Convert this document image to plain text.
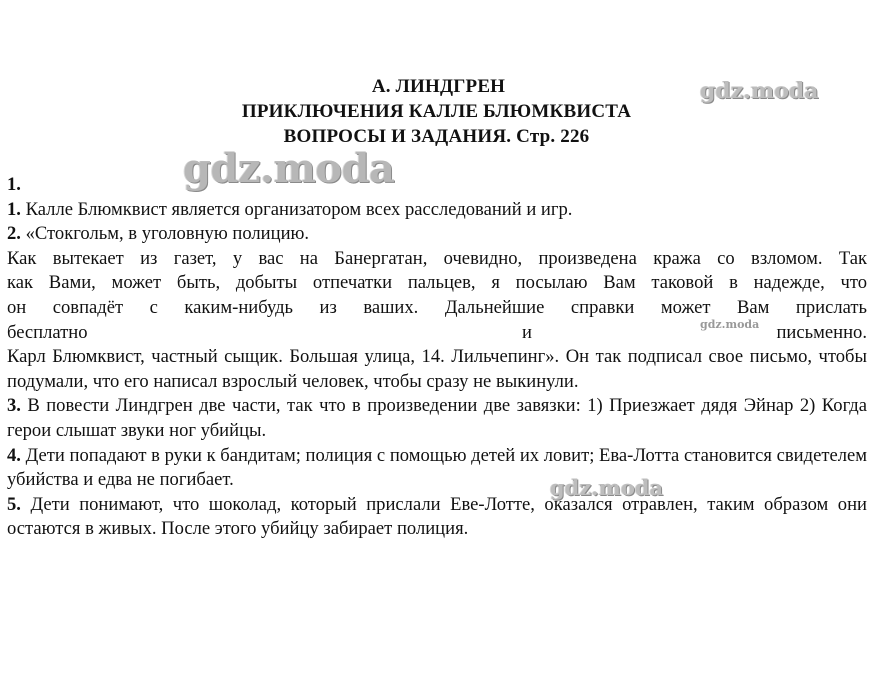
А. ЛИНДГРЕН
ПРИКЛЮЧЕНИЯ КАЛЛЕ БЛЮМКВИСТА
ВОПРОСЫ И ЗАДАНИЯ. Стр. 226

1.

1. Калле Блюмквист является организатором всех расследований и игр.

2. «Стокгольм, в уголовную полицию.

Как вытекает из газет, у вас на Банергатан, очевидно, произведена кража со взломом. Так

как Вами, может быть, добыты отпечатки пальцев, я посылаю Вам таковой в надежде, что

он совпадёт с каким-нибудь из ваших. Дальнейшие справки может Вам прислать

бесплатно	и	письменно.

Карл Блюмквист, частный сыщик. Большая улица, 14. Лильчепинг». Он так подписал свое письмо, чтобы подумали, что его написал взрослый человек, чтобы сразу не выкинули.

3. В повести Линдгрен две части, так что в произведении две завязки: 1) Приезжает дядя Эйнар 2) Когда герои слышат звуки ног убийцы.

4. Дети попадают в руки к бандитам; полиция с помощью детей их ловит; Ева-Лотта становится свидетелем убийства и едва не погибает.

5. Дети понимают, что шоколад, который прислали Еве-Лотте, оказался отравлен, таким образом они остаются в живых. После этого убийцу забирает полиция.

gdz.moda
gdz.moda
gdz.moda
gdz.moda
